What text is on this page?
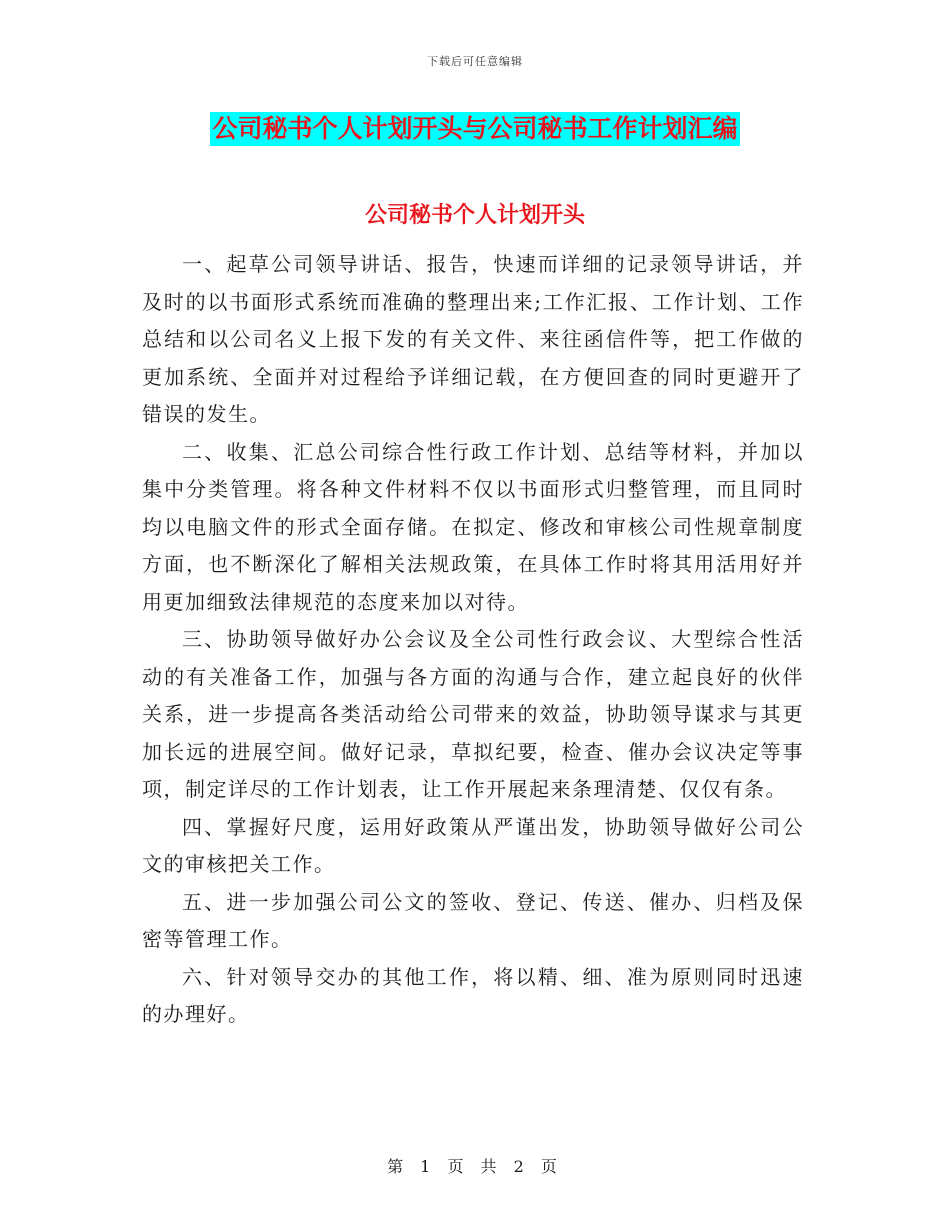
下载后可任意编辑
公司秘书个人计划开头与公司秘书工作计划汇编
公司秘书个人计划开头

一、起草公司领导讲话、报告，快速而详细的记录领导讲话，并及时的以书面形式系统而准确的整理出来;工作汇报、工作计划、工作总结和以公司名义上报下发的有关文件、来往函信件等，把工作做的更加系统、全面并对过程给予详细记载，在方便回查的同时更避开了错误的发生。

二、收集、汇总公司综合性行政工作计划、总结等材料，并加以集中分类管理。将各种文件材料不仅以书面形式归整管理，而且同时均以电脑文件的形式全面存储。在拟定、修改和审核公司性规章制度方面，也不断深化了解相关法规政策，在具体工作时将其用活用好并用更加细致法律规范的态度来加以对待。

三、协助领导做好办公会议及全公司性行政会议、大型综合性活动的有关准备工作，加强与各方面的沟通与合作，建立起良好的伙伴关系，进一步提高各类活动给公司带来的效益，协助领导谋求与其更加长远的进展空间。做好记录，草拟纪要，检查、催办会议决定等事项，制定详尽的工作计划表，让工作开展起来条理清楚、仅仅有条。

四、掌握好尺度，运用好政策从严谨出发，协助领导做好公司公文的审核把关工作。

五、进一步加强公司公文的签收、登记、传送、催办、归档及保密等管理工作。

六、针对领导交办的其他工作，将以精、细、准为原则同时迅速的办理好。

第 1 页 共 2 页
